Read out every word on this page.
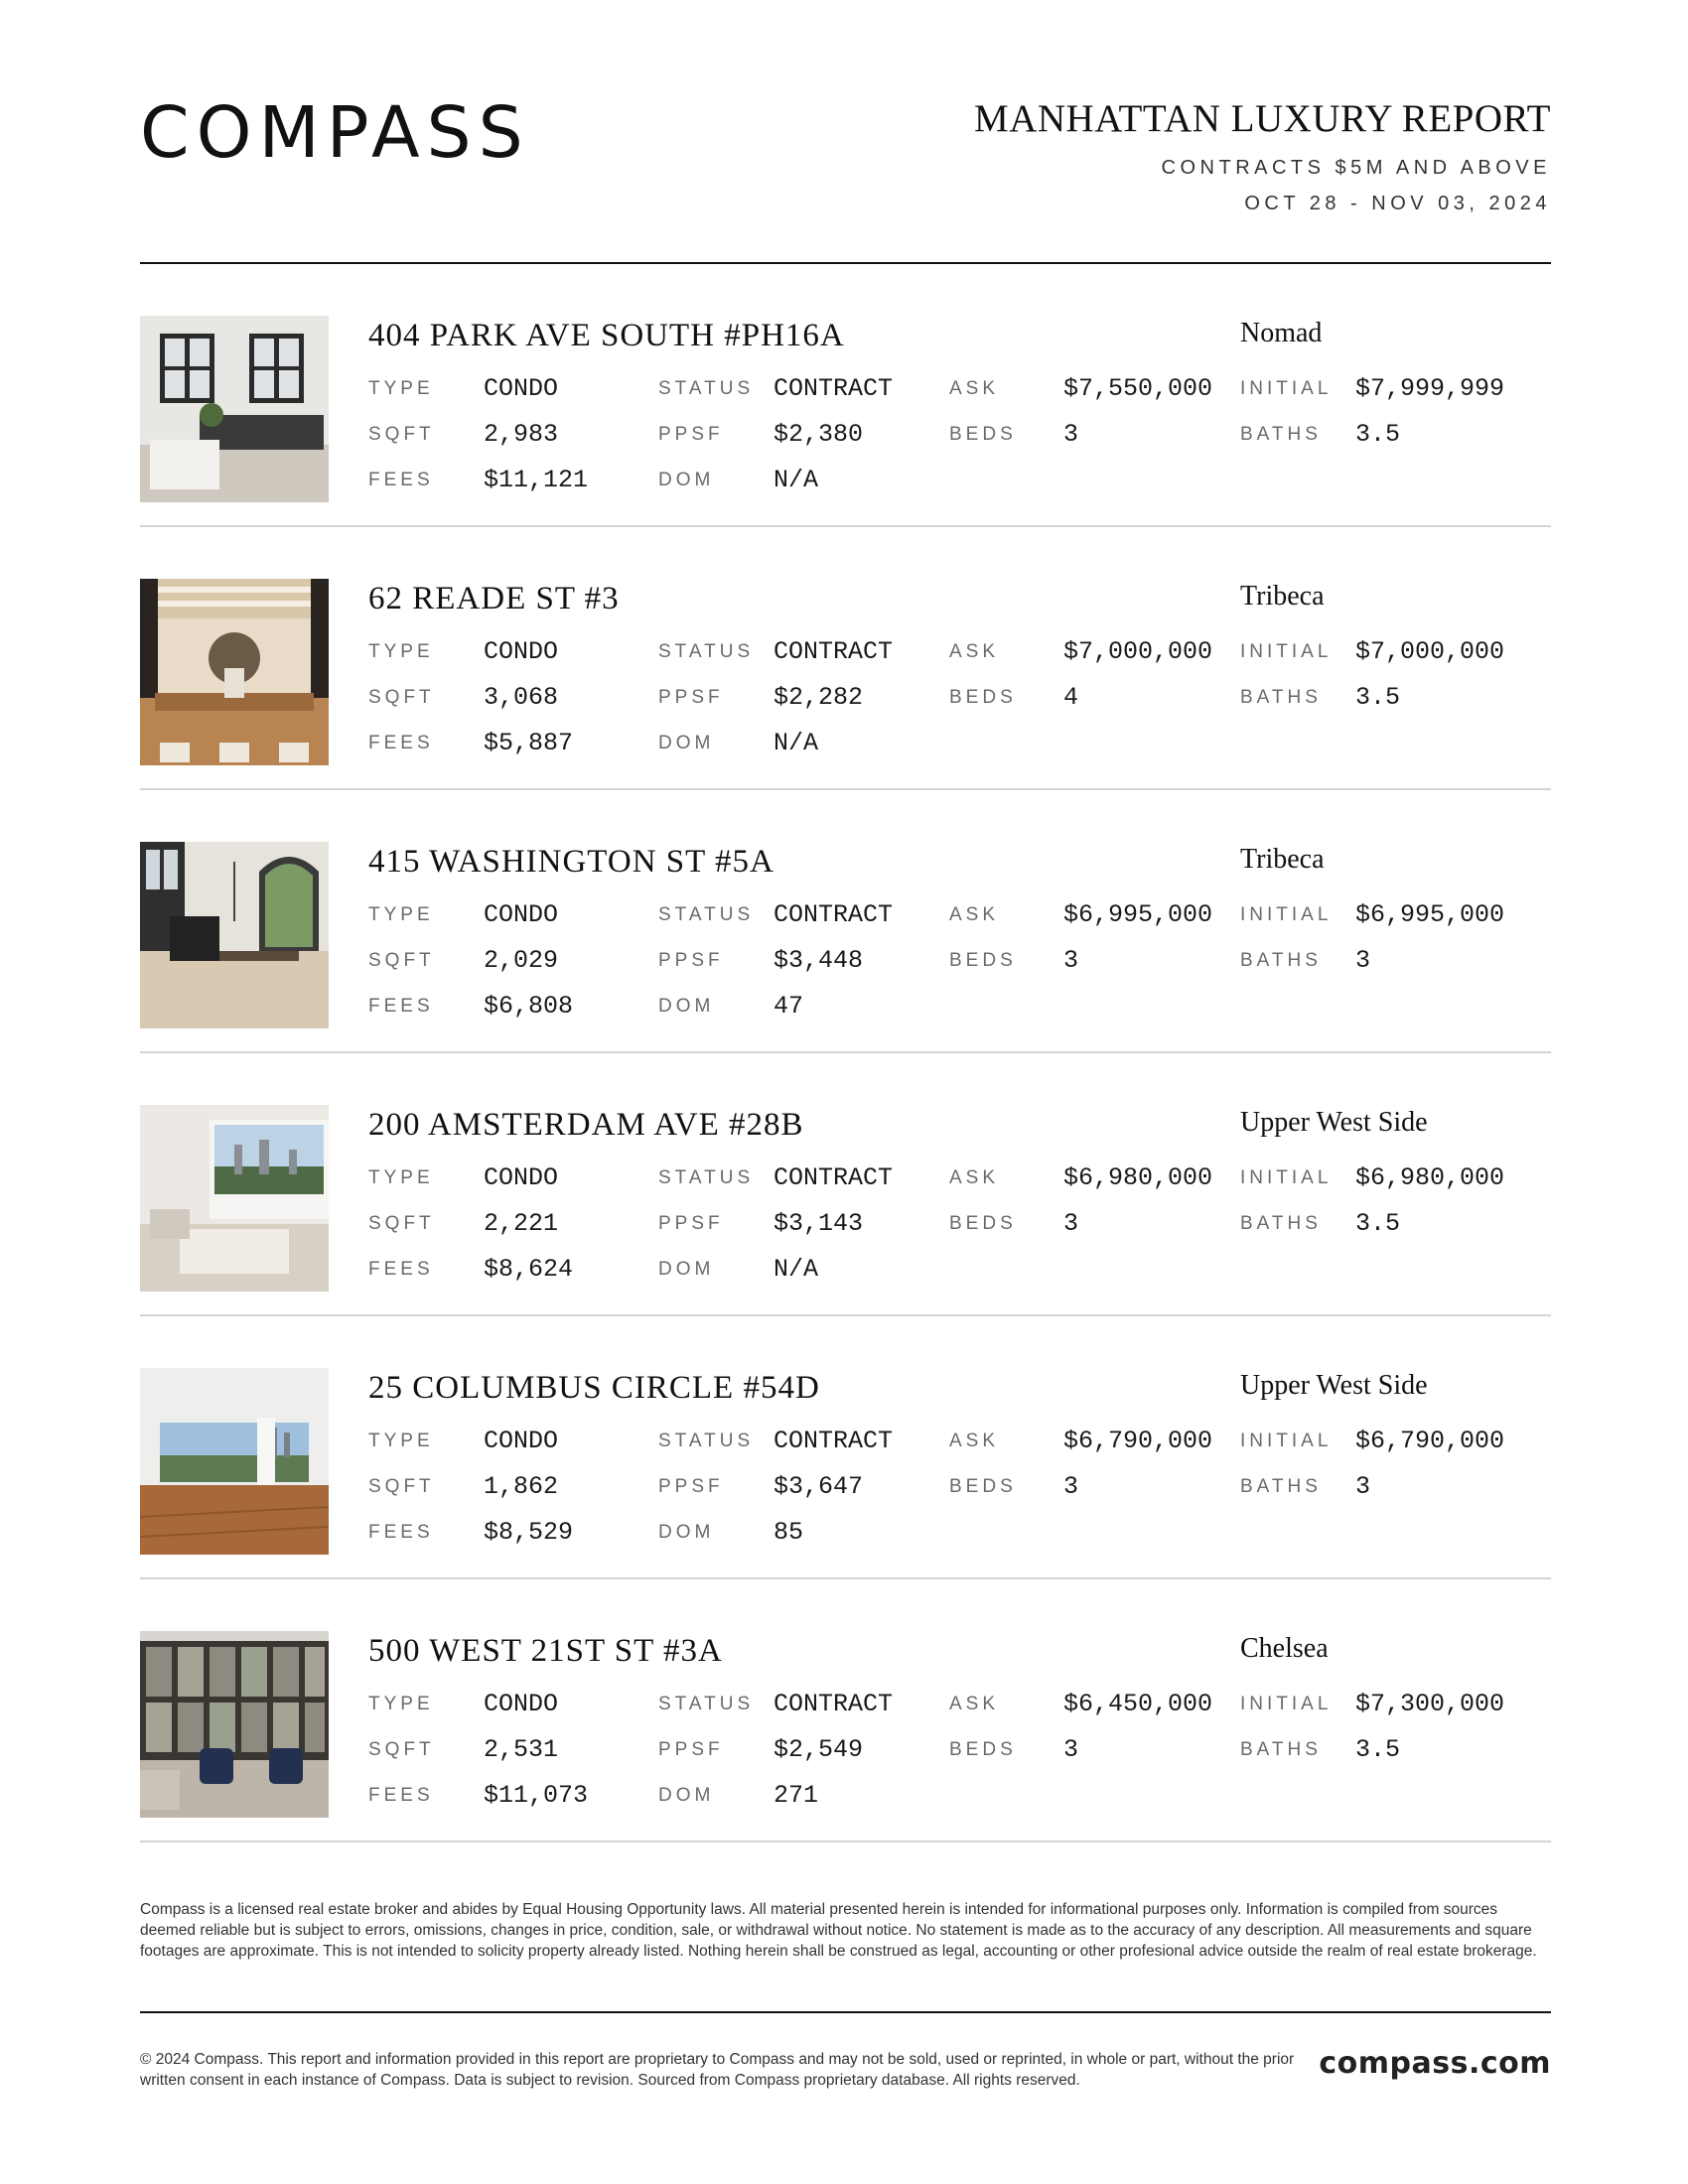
COMPASS	MANHATTAN LUXURY REPORT
CONTRACTS $5M AND ABOVE
OCT 28 - NOV 03, 2024
404 PARK AVE SOUTH #PH16A	Nomad
TYPE CONDO	STATUS CONTRACT	ASK	$7,550,000 INITIAL $7,999,999
SQFT 2,983	PPSF $2,380	BEDS 3	BATHS 3.5
FEES $11,121	DOM N/A
62 READE ST #3	Tribeca
TYPE CONDO	STATUS CONTRACT	ASK	$7,000,000 INITIAL $7,000,000
SQFT 3,068	PPSF $2,282	BEDS 4	BATHS 3.5
FEES $5,887	DOM N/A
415 WASHINGTON ST #5A	Tribeca
TYPE CONDO	STATUS CONTRACT	ASK	$6,995,000 INITIAL $6,995,000
SQFT 2,029	PPSF $3,448	BEDS 3	BATHS 3
FEES $6,808	DOM 47
200 AMSTERDAM AVE #28B	Upper West Side
TYPE CONDO	STATUS CONTRACT	ASK	$6,980,000 INITIAL $6,980,000
SQFT 2,221	PPSF $3,143	BEDS 3	BATHS 3.5
FEES $8,624	DOM N/A
25 COLUMBUS CIRCLE #54D	Upper West Side
TYPE CONDO	STATUS CONTRACT	ASK	$6,790,000 INITIAL $6,790,000
SQFT 1,862	PPSF $3,647	BEDS 3	BATHS 3
FEES $8,529	DOM 85
500 WEST 21ST ST #3A	Chelsea
TYPE CONDO	STATUS CONTRACT	ASK	$6,450,000 INITIAL $7,300,000
SQFT 2,531	PPSF $2,549	BEDS 3	BATHS 3.5
FEES $11,073	DOM 271
Compass is a licensed real estate broker and abides by Equal Housing Opportunity laws. All material presented herein is intended for informational purposes only. Information is compiled from sources deemed reliable but is subject to errors, omissions, changes in price, condition, sale, or withdrawal without notice. No statement is made as to the accuracy of any description. All measurements and square footages are approximate. This is not intended to solicity property already listed. Nothing herein shall be construed as legal, accounting or other profesional advice outside the realm of real estate brokerage.
© 2024 Compass. This report and information provided in this report are proprietary to Compass and may not be sold, used or reprinted, in whole or part, without the prior written consent in each instance of Compass. Data is subject to revision. Sourced from Compass proprietary database. All rights reserved.	compass.com
